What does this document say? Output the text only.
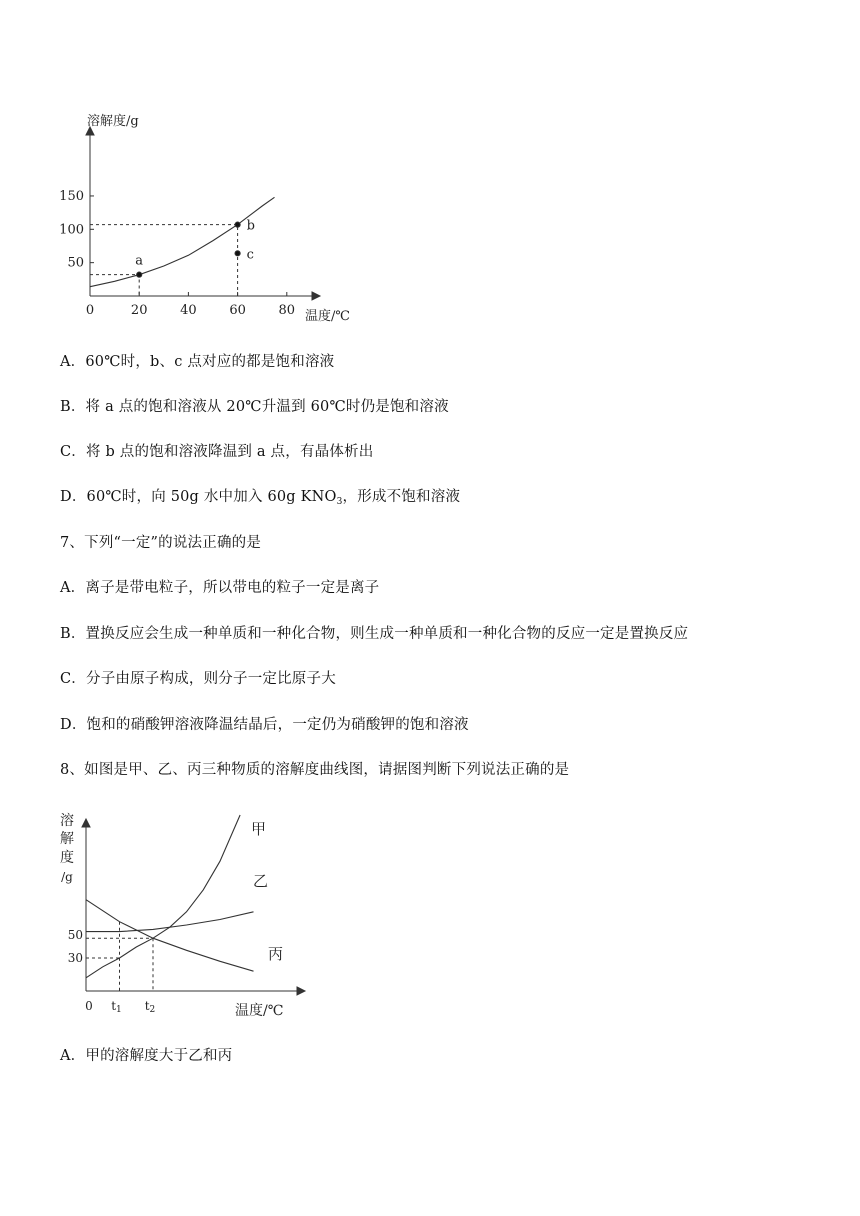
0	20	40	60	80
50
100
150
溶解度/g
温度/℃
a
b
c
A．60℃时，b、c 点对应的都是饱和溶液
B．将 a 点的饱和溶液从 20℃升温到 60℃时仍是饱和溶液
C．将 b 点的饱和溶液降温到 a 点，有晶体析出
D．60℃时，向 50g 水中加入 60g $KNO_3$，形成不饱和溶液
7、下列“一定”的说法正确的是
A．离子是带电粒子，所以带电的粒子一定是离子
B．置换反应会生成一种单质和一种化合物，则生成一种单质和一种化合物的反应一定是置换反应
C．分子由原子构成，则分子一定比原子大
D．饱和的硝酸钾溶液降温结晶后，一定仍为硝酸钾的饱和溶液
8、如图是甲、乙、丙三种物质的溶解度曲线图，请据图判断下列说法正确的是
溶
解
度
/g
温度/℃
0
30
50
t1 t2
甲
乙
丙
A．甲的溶解度大于乙和丙
